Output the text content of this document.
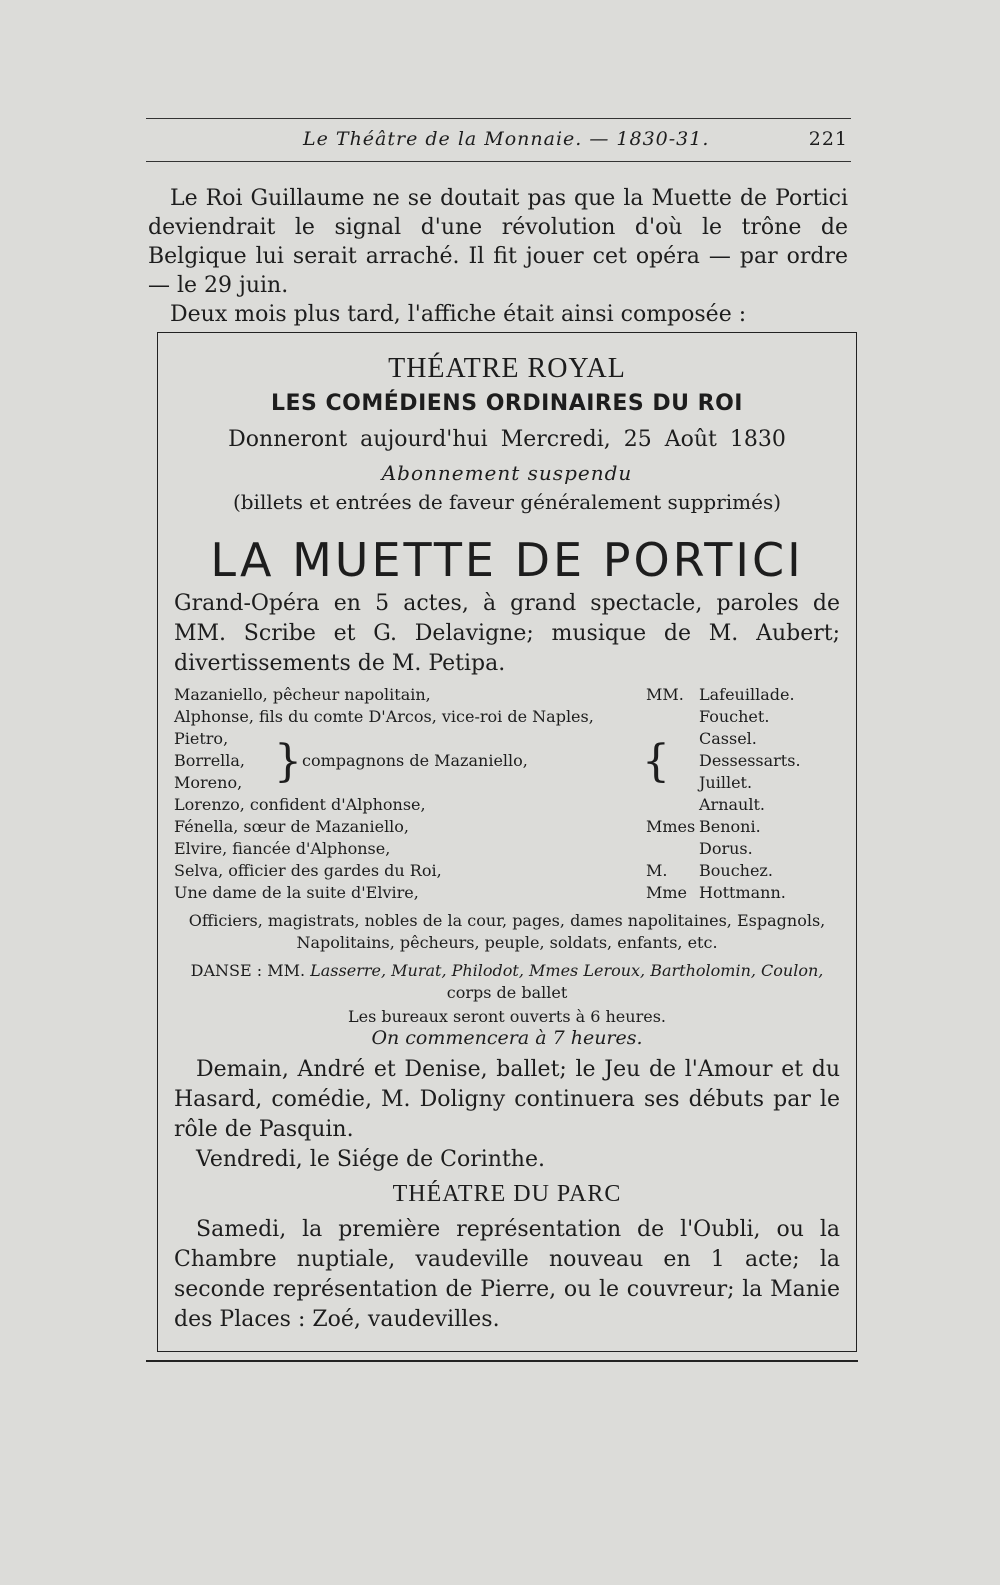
Le Théâtre de la Monnaie. — 1830-31.	221

Le Roi Guillaume ne se doutait pas que la Muette de Portici deviendrait le signal d'une révolution d'où le trône de Belgique lui serait arraché. Il fit jouer cet opéra — par ordre — le 29 juin.

Deux mois plus tard, l'affiche était ainsi composée :

THÉATRE ROYAL
LES COMÉDIENS ORDINAIRES DU ROI
Donneront aujourd'hui Mercredi, 25 Août 1830
Abonnement suspendu
(billets et entrées de faveur généralement supprimés)
LA MUETTE DE PORTICI
Grand-Opéra en 5 actes, à grand spectacle, paroles de MM. Scribe et G. Delavigne; musique de M. Aubert; divertissements de M. Petipa.
Mazaniello, pêcheur napolitain,	MM. Lafeuillade.
Alphonse, fils du comte D'Arcos, vice-roi de Naples,	Fouchet.
Pietro,	Cassel.
Borrella,	Dessessarts.
Moreno,	Juillet.
} compagnons de Mazaniello,	{
Lorenzo, confident d'Alphonse,	Arnault.
Fénella, sœur de Mazaniello,	Mmes Benoni.
Elvire, fiancée d'Alphonse,	Dorus.
Selva, officier des gardes du Roi,	M. Bouchez.
Une dame de la suite d'Elvire,	Mme Hottmann.
Officiers, magistrats, nobles de la cour, pages, dames napolitaines, Espagnols,
Napolitains, pêcheurs, peuple, soldats, enfants, etc.
DANSE : MM. Lasserre, Murat, Philodot, Mmes Leroux, Bartholomin, Coulon,
corps de ballet
Les bureaux seront ouverts à 6 heures.
On commencera à 7 heures.

Demain, André et Denise, ballet; le Jeu de l'Amour et du Hasard, comédie, M. Doligny continuera ses débuts par le rôle de Pasquin.

Vendredi, le Siége de Corinthe.

THÉATRE DU PARC

Samedi, la première représentation de l'Oubli, ou la Chambre nuptiale, vaudeville nouveau en 1 acte; la seconde représentation de Pierre, ou le couvreur; la Manie des Places : Zoé, vaudevilles.
